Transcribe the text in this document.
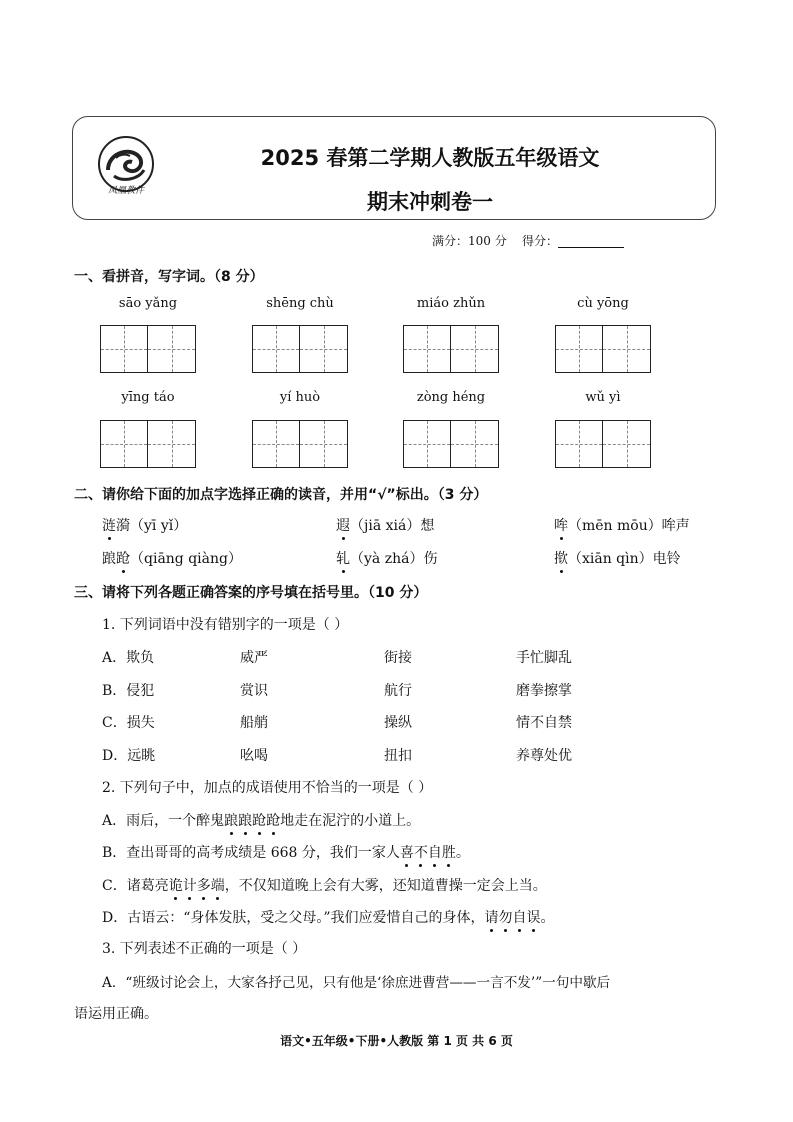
凤凰教件
2025 春第二学期人教版五年级语文
期末冲刺卷一
满分：100 分 得分：
一、看拼音，写字词。（8 分）
sāo yǎng	shēng chù	miáo zhǔn	cù yōng
yīng táo	yí huò	zòng héng	wǔ yì
二、请你给下面的加点字选择正确的读音，并用“√”标出。（3 分）
涟漪（yī yǐ）	遐（jiā xiá）想	哞（mēn mōu）哞声
踉跄（qiāng qiàng）	轧（yà zhá）伤	揿（xiān qìn）电铃
三、请将下列各题正确答案的序号填在括号里。（10 分）
1. 下列词语中没有错别字的一项是（ ）
A．欺负	威严	街接	手忙脚乱
B．侵犯	赏识	航行	磨拳擦掌
C．损失	船艄	操纵	情不自禁
D．远眺	吆喝	扭扣	养尊处优
2. 下列句子中，加点的成语使用不恰当的一项是（ ）
A．雨后，一个醉鬼踉踉跄跄地走在泥泞的小道上。
B．查出哥哥的高考成绩是 668 分，我们一家人喜不自胜。
C．诸葛亮诡计多端，不仅知道晚上会有大雾，还知道曹操一定会上当。
D．古语云：“身体发肤，受之父母。”我们应爱惜自己的身体，请勿自误。
3. 下列表述不正确的一项是（ ）
A．“班级讨论会上，大家各抒己见，只有他是‘徐庶进曹营——一言不发’”一句中歇后
语运用正确。
语文•五年级•下册•人教版 第 1 页 共 6 页
